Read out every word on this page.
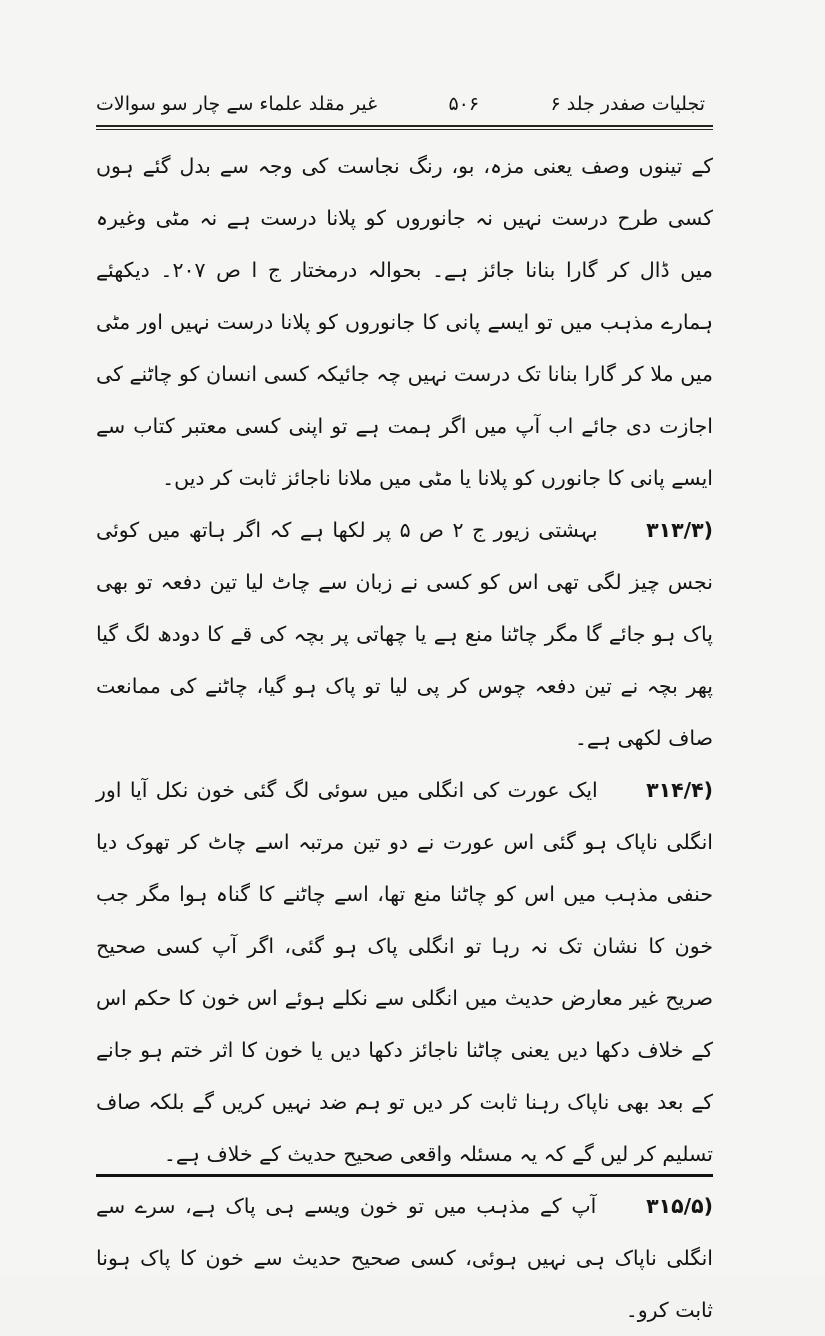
تجلیات صفدر جلد ۶
۵۰۶
غیر مقلد علماء سے چار سو سوالات

کے تینوں وصف یعنی مزہ، بو، رنگ نجاست کی وجہ سے بدل گئے ہوں کسی طرح درست نہیں نہ جانوروں کو پلانا درست ہے نہ مٹی وغیرہ میں ڈال کر گارا بنانا جائز ہے۔ بحوالہ درمختار ج ا ص ۲۰۷۔ دیکھئے ہمارے مذہب میں تو ایسے پانی کا جانوروں کو پلانا درست نہیں اور مٹی میں ملا کر گارا بنانا تک درست نہیں چہ جائیکہ کسی انسان کو چاٹنے کی اجازت دی جائے اب آپ میں اگر ہمت ہے تو اپنی کسی معتبر کتاب سے ایسے پانی کا جانورں کو پلانا یا مٹی میں ملانا ناجائز ثابت کر دیں۔

(۳۱۳/۳ بہشتی زیور ج ۲ ص ۵ پر لکھا ہے کہ اگر ہاتھ میں کوئی نجس چیز لگی تھی اس کو کسی نے زبان سے چاٹ لیا تین دفعہ تو بھی پاک ہو جائے گا مگر چاٹنا منع ہے یا چھاتی پر بچہ کی قے کا دودھ لگ گیا پھر بچہ نے تین دفعہ چوس کر پی لیا تو پاک ہو گیا، چاٹنے کی ممانعت صاف لکھی ہے۔

(۳۱۴/۴ ایک عورت کی انگلی میں سوئی لگ گئی خون نکل آیا اور انگلی ناپاک ہو گئی اس عورت نے دو تین مرتبہ اسے چاٹ کر تھوک دیا حنفی مذہب میں اس کو چاٹنا منع تھا، اسے چاٹنے کا گناہ ہوا مگر جب خون کا نشان تک نہ رہا تو انگلی پاک ہو گئی، اگر آپ کسی صحیح صریح غیر معارض حدیث میں انگلی سے نکلے ہوئے اس خون کا حکم اس کے خلاف دکھا دیں یعنی چاٹنا ناجائز دکھا دیں یا خون کا اثر ختم ہو جانے کے بعد بھی ناپاک رہنا ثابت کر دیں تو ہم ضد نہیں کریں گے بلکہ صاف تسلیم کر لیں گے کہ یہ مسئلہ واقعی صحیح حدیث کے خلاف ہے۔

(۳۱۵/۵ آپ کے مذہب میں تو خون ویسے ہی پاک ہے، سرے سے انگلی ناپاک ہی نہیں ہوئی، کسی صحیح حدیث سے خون کا پاک ہونا ثابت کرو۔
